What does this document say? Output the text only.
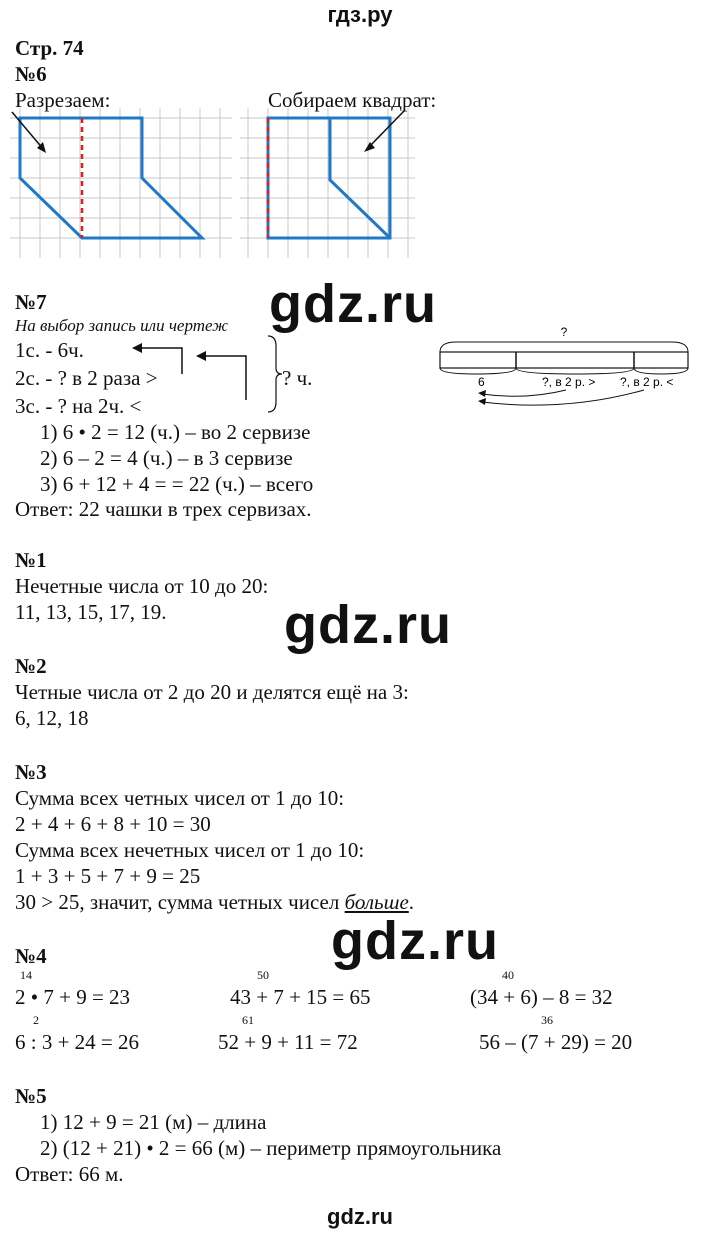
гдз.ру
Стр. 74
№6
Разрезаем:	Собираем квадрат:
gdz.ru
gdz.ru
gdz.ru
№7
На выбор запись или чертеж
1с. - 6ч.
2с. - ? в 2 раза >
3с. - ? на 2ч. <
? ч.
?
6	?, в 2 р. > ?, в 2 р. <
1) 6 • 2 = 12 (ч.) – во 2 сервизе
2) 6 – 2 = 4 (ч.) – в 3 сервизе
3) 6 + 12 + 4 = = 22 (ч.) – всего
Ответ: 22 чашки в трех сервизах.
№1
Нечетные числа от 10 до 20:
11, 13, 15, 17, 19.
№2
Четные числа от 2 до 20 и делятся ещё на 3:
6, 12, 18
№3
Сумма всех четных чисел от 1 до 10:
2 + 4 + 6 + 8 + 10 = 30
Сумма всех нечетных чисел от 1 до 10:
1 + 3 + 5 + 7 + 9 = 25
30 > 25, значит, сумма четных чисел больше.
№4
14
2 • 7 + 9 = 23
50
43 + 7 + 15 = 65
40
(34 + 6) – 8 = 32
2
6 : 3 + 24 = 26
61
52 + 9 + 11 = 72
36
56 – (7 + 29) = 20
№5
1) 12 + 9 = 21 (м) – длина
2) (12 + 21) • 2 = 66 (м) – периметр прямоугольника
Ответ: 66 м.
gdz.ru
